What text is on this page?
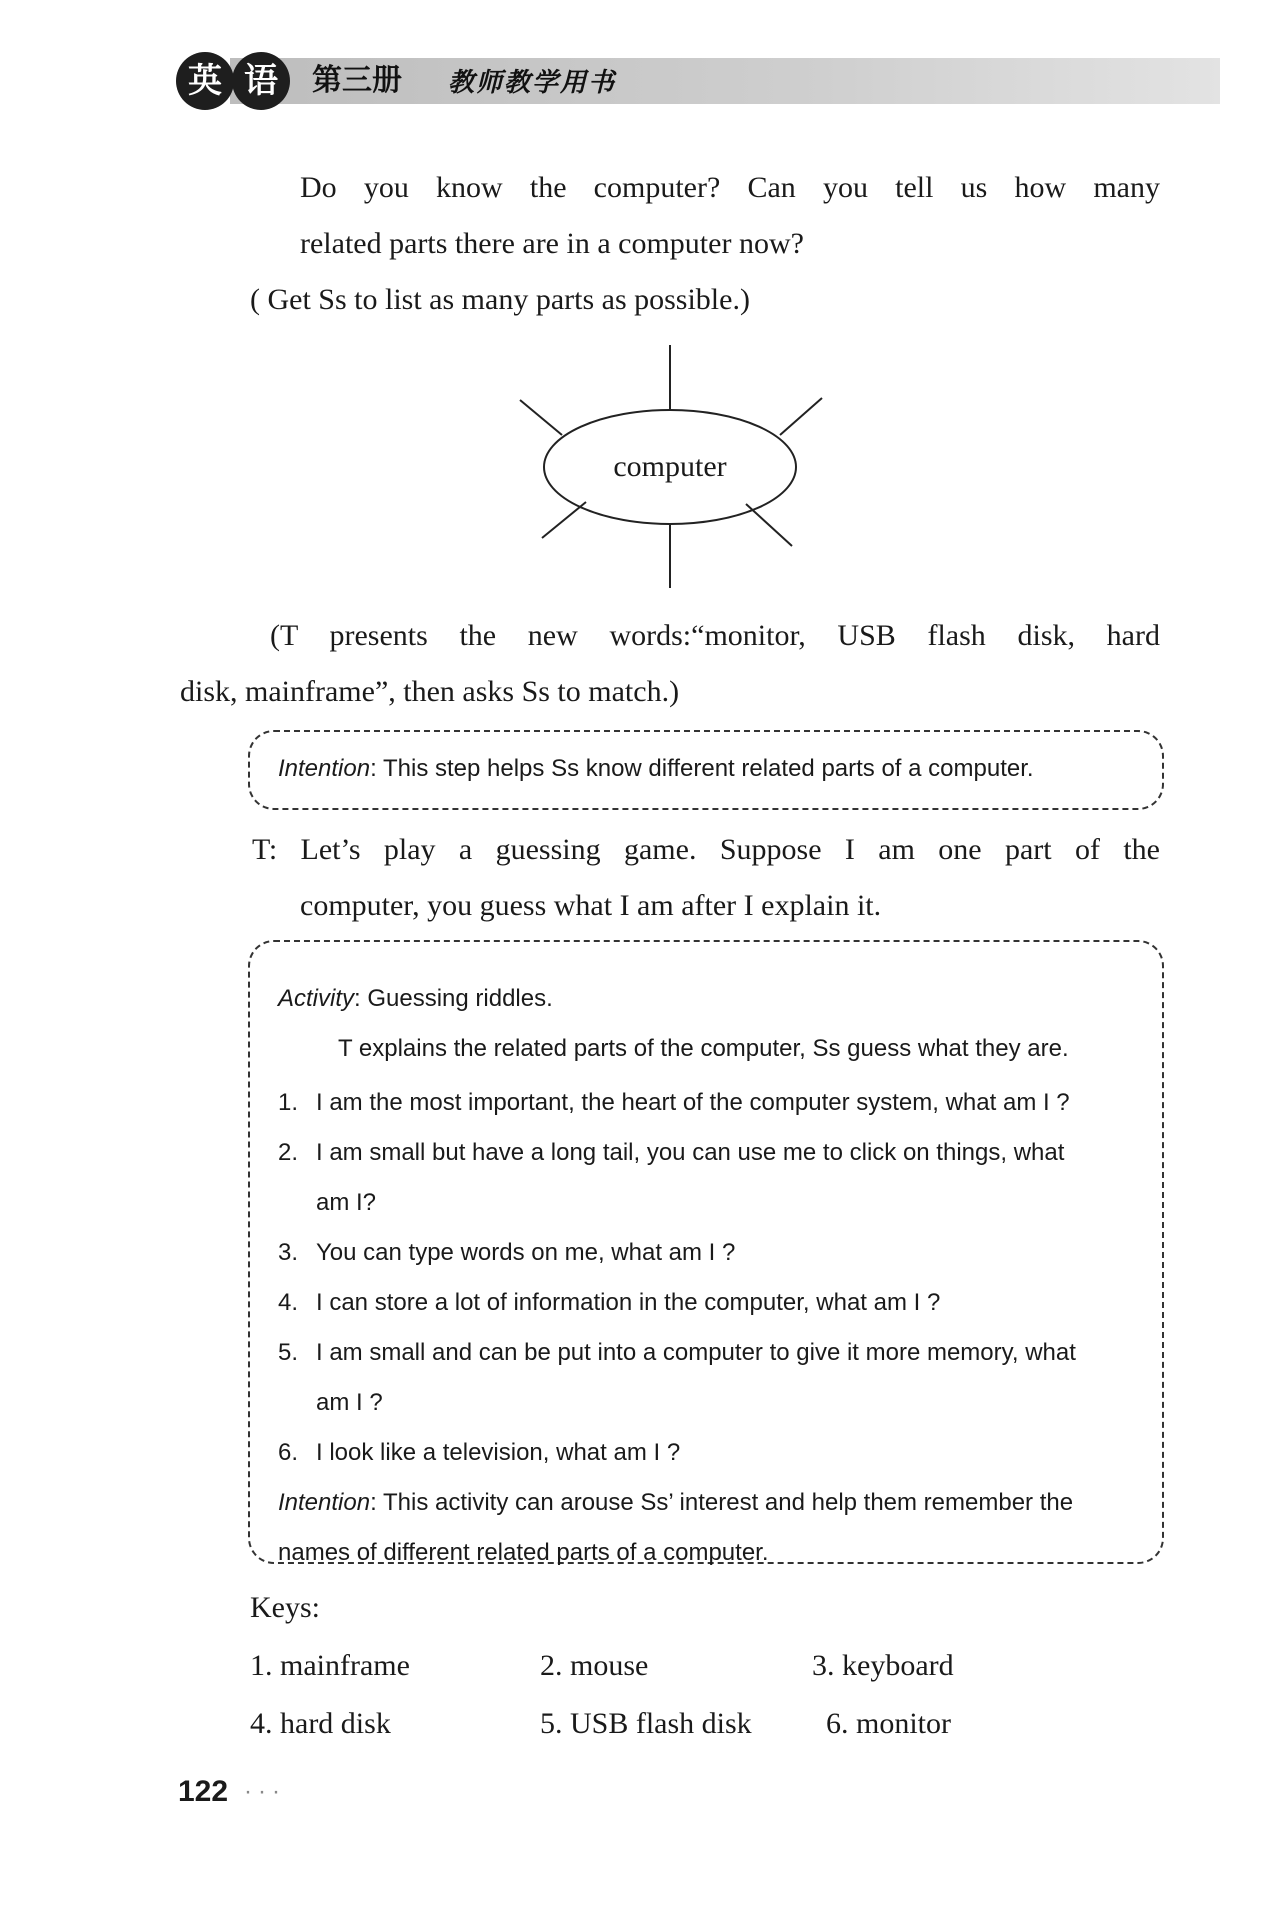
英 语	第三册 教师教学用书
Do you know the computer? Can you tell us how many
related parts there are in a computer now?
( Get Ss to list as many parts as possible.)
computer
(T presents the new words:“monitor, USB flash disk, hard
disk, mainframe”, then asks Ss to match.)
Intention: This step helps Ss know different related parts of a computer.
T: Let’s play a guessing game. Suppose I am one part of the
computer, you guess what I am after I explain it.
Activity: Guessing riddles.
T explains the related parts of the computer, Ss guess what they are.
1. I am the most important, the heart of the computer system, what am I ?
2. I am small but have a long tail, you can use me to click on things, what
am I?
3. You can type words on me, what am I ?
4. I can store a lot of information in the computer, what am I ?
5. I am small and can be put into a computer to give it more memory, what
am I ?
6. I look like a television, what am I ?
Intention: This activity can arouse Ss’ interest and help them remember the
names of different related parts of a computer.
Keys:
1. mainframe	2. mouse	3. keyboard
4. hard disk	5. USB flash disk 6. monitor
122 ···
